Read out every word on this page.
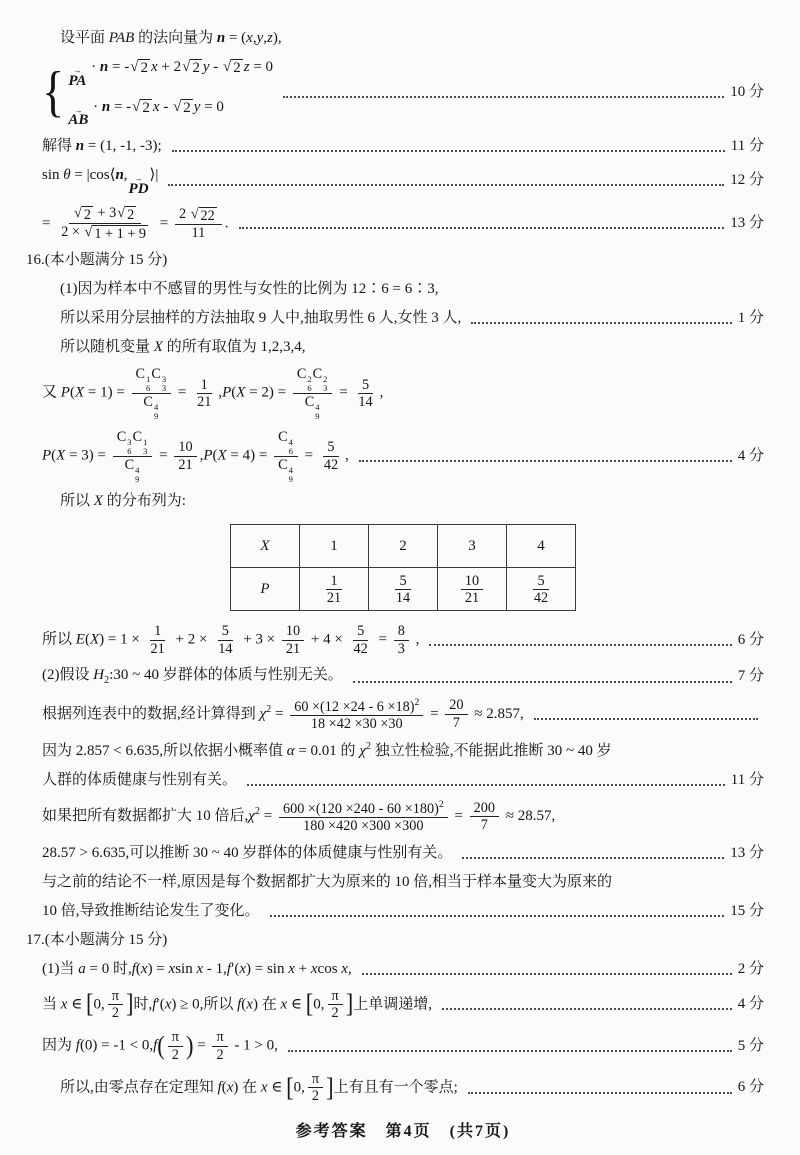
设平面 PAB 的法向量为 n = (x,y,z),
{ →
PA
· n = - √ 2 x + 2 √ 2 y - √ 2 z = 0
→
AB
· n = - √ 2 x - √ 2 y = 0
10 分
解得 n = (1, -1, -3);	11 分
sin θ = |cos⟨n, →
PD
⟩|	12 分
= $\frac{√ 2 + 3 √ 2}{2 \times √ 1 + 1 + 9} = \frac{2 √ 22}{11}$ .	13 分
16.(本小题满分 15 分)
(1)因为样本中不感冒的男性与女性的比例为 12∶6 = 6∶3,
所以采用分层抽样的方法抽取 9 人中,抽取男性 6 人,女性 3 人,	1 分
所以随机变量 X 的所有取值为 1,2,3,4,
又 P(X = 1) = C 1
6
C 3
3
C 4
$9 = \frac{1}{21} ,P(X = 2) = C$ 2
6
C 2
3
C 4
$9 = \frac{5}{14}$ ,
P(X = 3) = C 3
6
C 1
3
C 4
$9 = \frac{10}{21} ,P(X = 4) = C$ 4
6
C 4
$9 = \frac{5}{42}$ ,	4 分
所以 X 的分布列为:
X	1	2	3	4
P	$\frac{1}{21}$	$\frac{5}{14}$	$\frac{10}{21}$	$\frac{5}{42}$
所以 $E(X) = 1 \times \frac{1}{21} + 2 \times \frac{5}{14} + 3 \times \frac{10}{21} + 4 \times \frac{5}{42} = \frac{8}{3}$ ,	6 分
(2)假设 $H_2:30$ ~ 40 岁群体的体质与性别无关。	7 分
根据列连表中的数据,经计算得到 $\chi^2 = \frac{60 \times(12 \times 24 - 6 \times 18)^2}{18 \times 42 \times 30 \times 30} = \frac{20}{7} \approx 2.857$,
因为 2.857 < 6.635,所以依据小概率值 α = 0.01 的 $\chi^2$ 独立性检验,不能据此推断 30 ~ 40 岁
人群的体质健康与性别有关。	11 分
如果把所有数据都扩大 10 倍后$,\chi^2 = \frac{600 \times(120 \times 240 - 60 \times 180)^2}{180 \times 420 \times 300 \times 300} = \frac{200}{7} \approx 28.57$,
28.57 > 6.635,可以推断 30 ~ 40 岁群体的体质健康与性别有关。	13 分
与之前的结论不一样,原因是每个数据都扩大为原来的 10 倍,相当于样本量变大为原来的
10 倍,导致推断结论发生了变化。	15 分
17.(本小题满分 15 分)
(1)当 a = 0 时,f(x) = xsin x - 1,f′(x) = sin x + xcos x,	2 分
当 x ∈ [0, $\frac{\pi}{2}$ ]时,f′(x) ≥ 0,所以 f(x) 在 x ∈ [0, $\frac{\pi}{2}$ ]上单调递增,	4 分
因为 $f(0) = -1 < 0,f( \frac{\pi}{2}$ ) = $\frac{\pi}{2} - 1 > 0$,	5 分
所以,由零点存在定理知 f(x) 在 x ∈ [0, $\frac{\pi}{2}$ ]上有且有一个零点;	6 分
参考答案　第4页　(共7页)
